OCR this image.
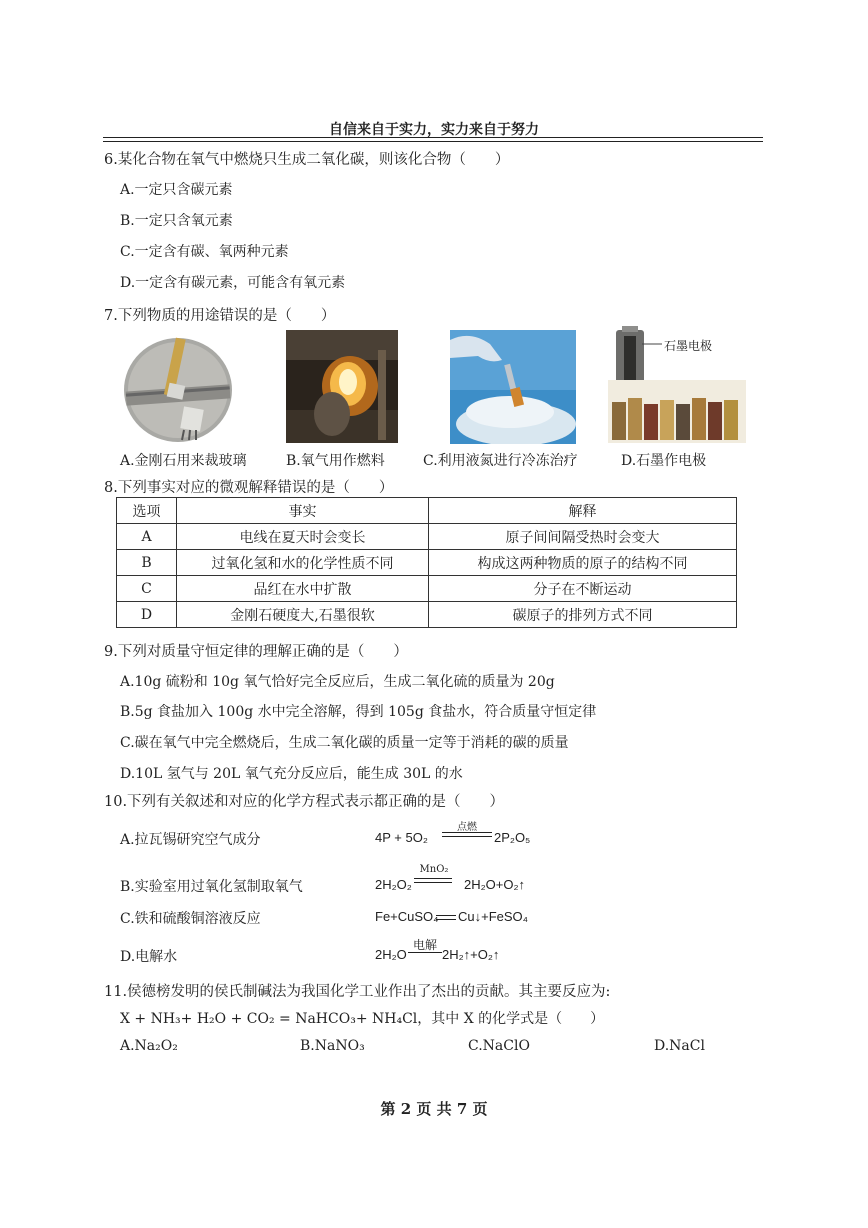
自信来自于实力，实力来自于努力
6.某化合物在氧气中燃烧只生成二氧化碳，则该化合物（　　）
A.一定只含碳元素
B.一定只含氧元素
C.一定含有碳、氧两种元素
D.一定含有碳元素，可能含有氧元素
7.下列物质的用途错误的是（　　）
石墨电极
A.金刚石用来裁玻璃	B.氧气用作燃料	C.利用液氮进行冷冻治疗	D.石墨作电极
8.下列事实对应的微观解释错误的是（　　）
选项	事实	解释
A	电线在夏天时会变长	原子间间隔受热时会变大
B	过氧化氢和水的化学性质不同	构成这两种物质的原子的结构不同
C	品红在水中扩散	分子在不断运动
D	金刚石硬度大,石墨很软	碳原子的排列方式不同
9.下列对质量守恒定律的理解正确的是（　　）
A.10g 硫粉和 10g 氧气恰好完全反应后，生成二氧化硫的质量为 20g
B.5g 食盐加入 100g 水中完全溶解，得到 105g 食盐水，符合质量守恒定律
C.碳在氧气中完全燃烧后，生成二氧化碳的质量一定等于消耗的碳的质量
D.10L 氢气与 20L 氧气充分反应后，能生成 30L 的水
10.下列有关叙述和对应的化学方程式表示都正确的是（　　）
A.拉瓦锡研究空气成分	4P + 5O₂
点燃
2P₂O₅
B.实验室用过氧化氢制取氧气	2H₂O₂
MnO₂
2H₂O+O₂↑
C.铁和硫酸铜溶液反应	Fe+CuSO₄ Cu↓+FeSO₄
D.电解水	2H₂O
电解
2H₂↑+O₂↑
11.侯德榜发明的侯氏制碱法为我国化学工业作出了杰出的贡献。其主要反应为:
X + NH₃+ H₂O + CO₂ = NaHCO₃+ NH₄Cl，其中 X 的化学式是（　　）
A.Na₂O₂	B.NaNO₃	C.NaClO	D.NaCl
第 2 页 共 7 页
